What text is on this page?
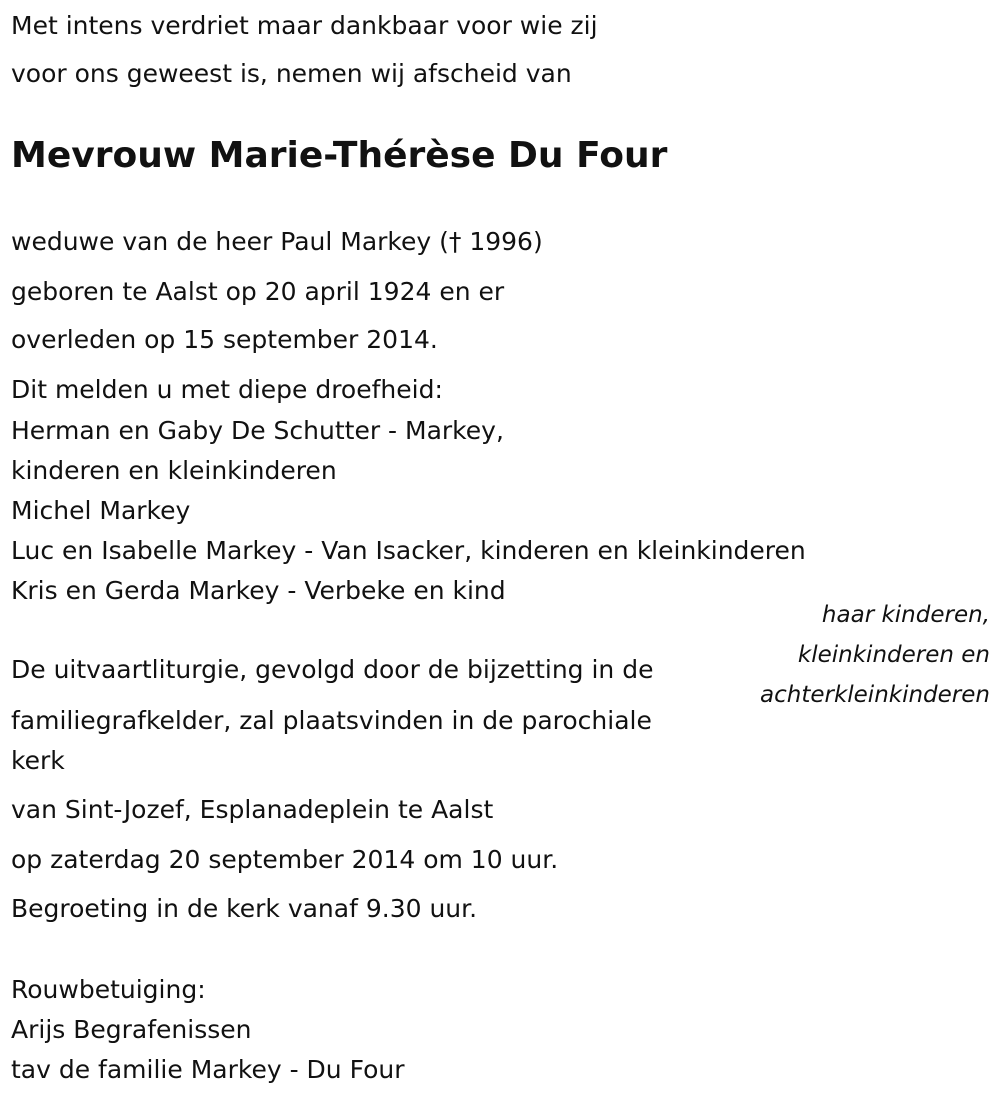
Met intens verdriet maar dankbaar voor wie zij

voor ons geweest is, nemen wij afscheid van

Mevrouw Marie-Thérèse Du Four

weduwe van de heer Paul Markey († 1996)

geboren te Aalst op 20 april 1924 en er

overleden op 15 september 2014.

Dit melden u met diepe droefheid:

Herman en Gaby De Schutter - Markey,

kinderen en kleinkinderen

Michel Markey

Luc en Isabelle Markey - Van Isacker, kinderen en kleinkinderen

Kris en Gerda Markey - Verbeke en kind

haar kinderen,

kleinkinderen en

achterkleinkinderen

De uitvaartliturgie, gevolgd door de bijzetting in de

familiegrafkelder, zal plaatsvinden in de parochiale

kerk

van Sint-Jozef, Esplanadeplein te Aalst

op zaterdag 20 september 2014 om 10 uur.

Begroeting in de kerk vanaf 9.30 uur.

Rouwbetuiging:

Arijs Begrafenissen

tav de familie Markey - Du Four
